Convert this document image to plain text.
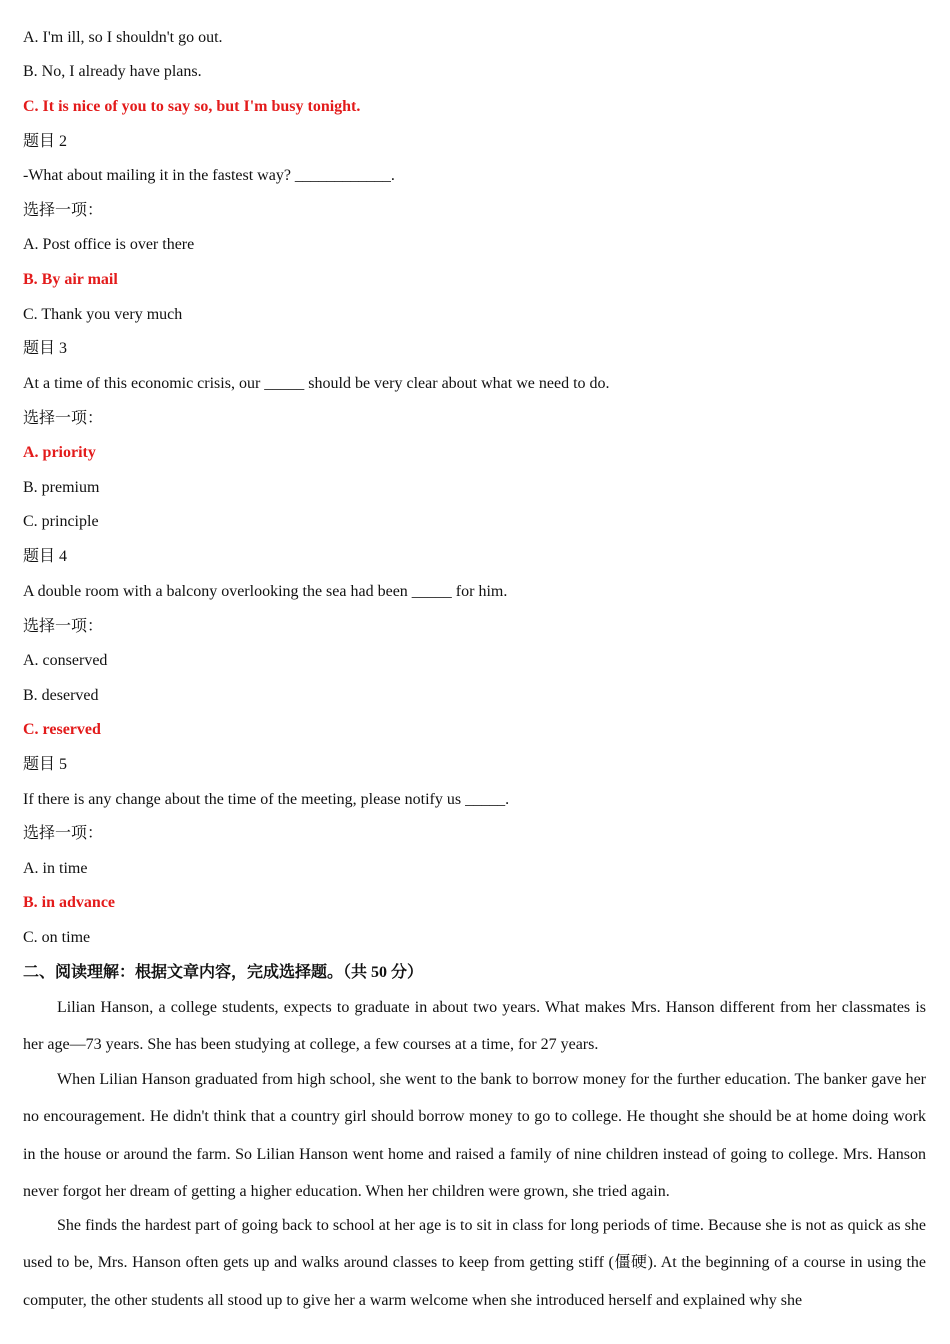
A. I'm ill, so I shouldn't go out.
B. No, I already have plans.
C. It is nice of you to say so, but I'm busy tonight.
题目 2
-What about mailing it in the fastest way? ____________.
选择一项：
A. Post office is over there
B. By air mail
C. Thank you very much
题目 3
At a time of this economic crisis, our _____ should be very clear about what we need to do.
选择一项：
A. priority
B. premium
C. principle
题目 4
A double room with a balcony overlooking the sea had been _____ for him.
选择一项：
A. conserved
B. deserved
C. reserved
题目 5
If there is any change about the time of the meeting, please notify us _____.
选择一项：
A. in time
B. in advance
C. on time
二、阅读理解：根据文章内容，完成选择题。（共 50 分）
Lilian Hanson, a college students, expects to graduate in about two years. What makes Mrs. Hanson different from her classmates is her age—73 years. She has been studying at college, a few courses at a time, for 27 years.
When Lilian Hanson graduated from high school, she went to the bank to borrow money for the further education. The banker gave her no encouragement. He didn't think that a country girl should borrow money to go to college. He thought she should be at home doing work in the house or around the farm. So Lilian Hanson went home and raised a family of nine children instead of going to college. Mrs. Hanson never forgot her dream of getting a higher education. When her children were grown, she tried again.
She finds the hardest part of going back to school at her age is to sit in class for long periods of time. Because she is not as quick as she used to be, Mrs. Hanson often gets up and walks around classes to keep from getting stiff (僵硬). At the beginning of a course in using the computer, the other students all stood up to give her a warm welcome when she introduced herself and explained why she
